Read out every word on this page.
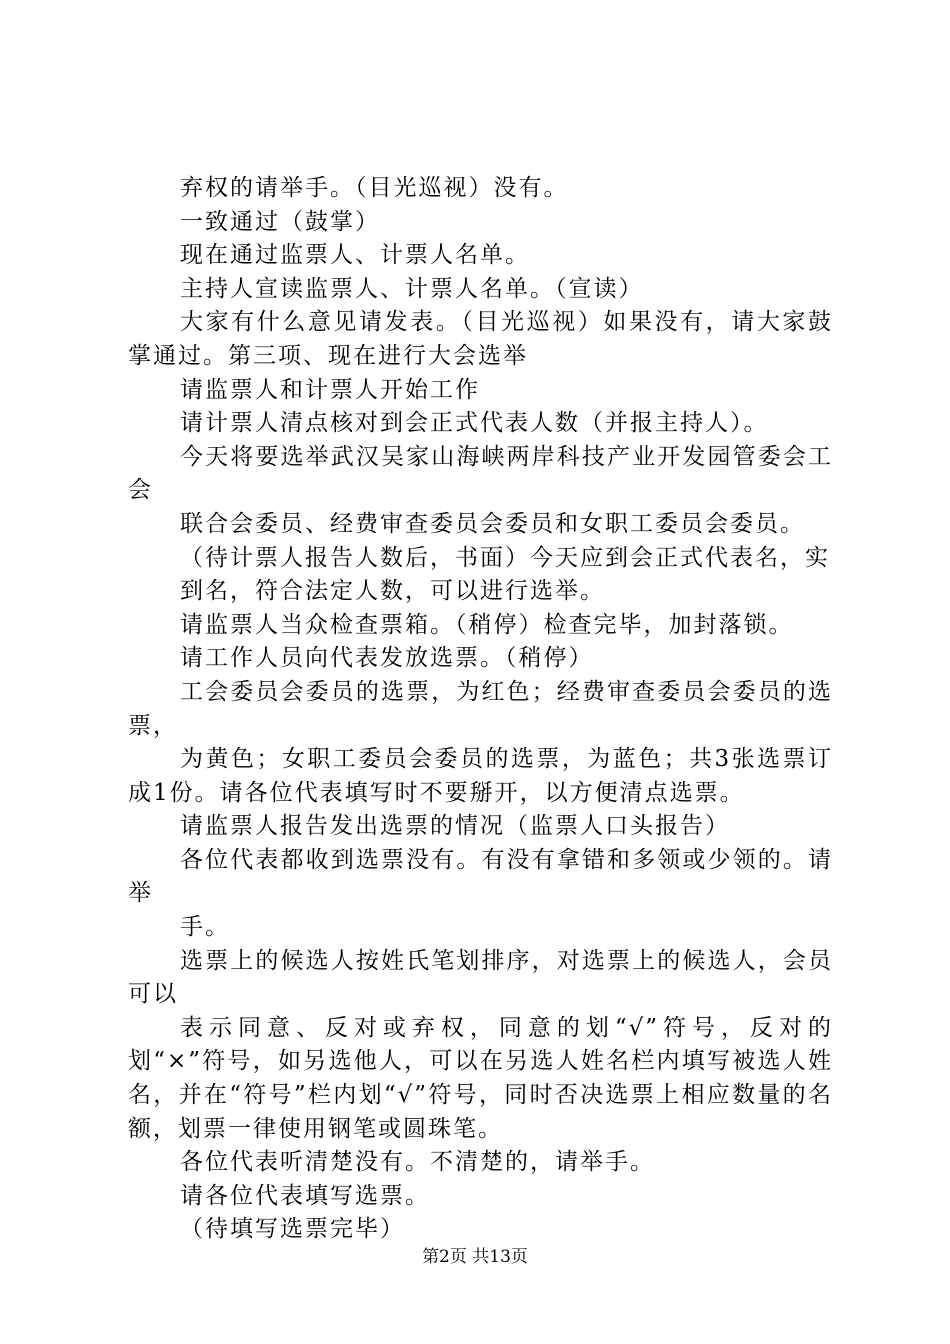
弃权的请举手。（目光巡视）没有。

一致通过（鼓掌）

现在通过监票人、计票人名单。

主持人宣读监票人、计票人名单。（宣读）

大家有什么意见请发表。（目光巡视）如果没有，请大家鼓掌通过。第三项、现在进行大会选举

请监票人和计票人开始工作

请计票人清点核对到会正式代表人数（并报主持人）。

今天将要选举武汉吴家山海峡两岸科技产业开发园管委会工会

联合会委员、经费审查委员会委员和女职工委员会委员。

（待计票人报告人数后，书面）今天应到会正式代表名，实

到名，符合法定人数，可以进行选举。

请监票人当众检查票箱。（稍停）检查完毕，加封落锁。

请工作人员向代表发放选票。（稍停）

工会委员会委员的选票，为红色；经费审查委员会委员的选票，

为黄色；女职工委员会委员的选票，为蓝色；共3张选票订成1份。请各位代表填写时不要掰开，以方便清点选票。

请监票人报告发出选票的情况（监票人口头报告）

各位代表都收到选票没有。有没有拿错和多领或少领的。请举

手。

选票上的候选人按姓氏笔划排序，对选票上的候选人，会员可以

表示同意、反对或弃权，同意的划“√”符号，反对的划“×”符号，如另选他人，可以在另选人姓名栏内填写被选人姓名，并在“符号”栏内划“√”符号，同时否决选票上相应数量的名额，划票一律使用钢笔或圆珠笔。

各位代表听清楚没有。不清楚的，请举手。

请各位代表填写选票。

（待填写选票完毕）

第2页 共13页
